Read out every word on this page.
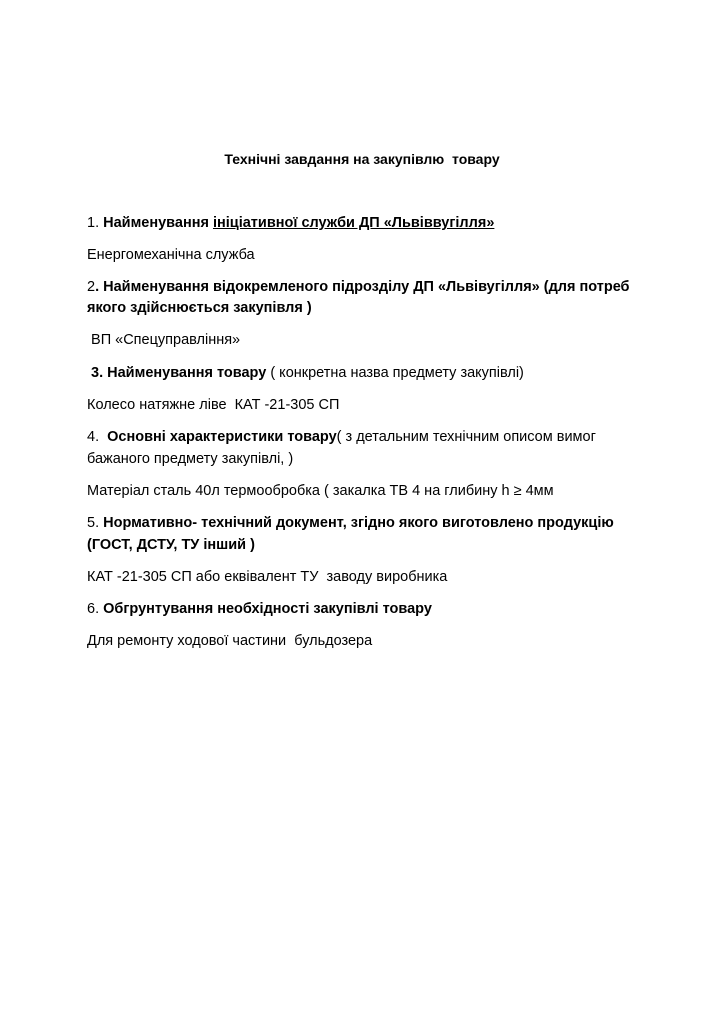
Технічні завдання на закупівлю  товару
1. Найменування ініціативної служби ДП «Львіввугілля»
Енергомеханічна служба
2. Найменування відокремленого підрозділу ДП «Львівугілля» (для потреб
якого здійснюється закупівля )
ВП «Спецуправління»
3. Найменування товару ( конкретна назва предмету закупівлі)
Колесо натяжне ліве  КАТ -21-305 СП
4.  Основні характеристики товару( з детальним технічним описом вимог
бажаного предмету закупівлі, )
Матеріал сталь 40л термообробка ( закалка ТВ 4 на глибину h ≥ 4мм
5. Нормативно- технічний документ, згідно якого виготовлено продукцію
(ГОСТ, ДСТУ, ТУ інший )
КАТ -21-305 СП або еквівалент ТУ  заводу виробника
6. Обгрунтування необхідності закупівлі товару
Для ремонту ходової частини  бульдозера
